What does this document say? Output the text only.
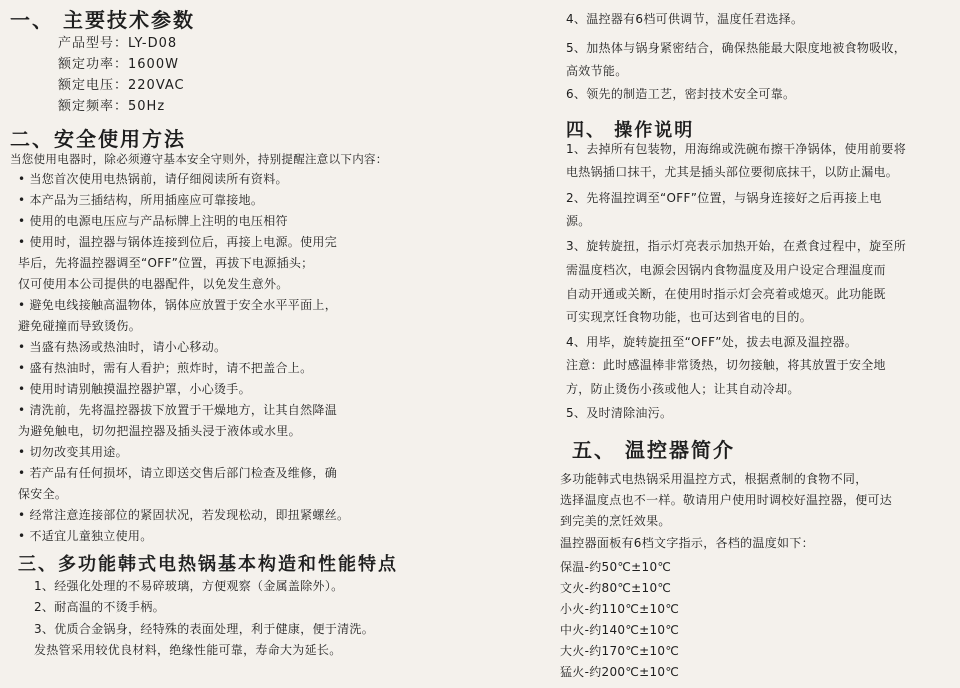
一、 主要技术参数
产品型号：LY-D08
额定功率：1600W
额定电压：220VAC
额定频率：50Hz
二、安全使用方法
当您使用电器时，除必须遵守基本安全守则外，持别提醒注意以下内容：
• 当您首次使用电热锅前，请仔细阅读所有资料。
• 本产品为三插结构，所用插座应可靠接地。
• 使用的电源电压应与产品标牌上注明的电压相符
• 使用时，温控器与锅体连接到位后，再接上电源。使用完
毕后，先将温控器调至“OFF”位置，再拔下电源插头；
仅可使用本公司提供的电器配件，以免发生意外。
• 避免电线接触高温物体，锅体应放置于安全水平平面上，
避免碰撞而导致烫伤。
• 当盛有热汤或热油时，请小心移动。
• 盛有热油时，需有人看护；煎炸时，请不把盖合上。
• 使用时请别触摸温控器护罩，小心烫手。
• 清洗前，先将温控器拔下放置于干燥地方，让其自然降温
为避免触电，切勿把温控器及插头浸于液体或水里。
• 切勿改变其用途。
• 若产品有任何损坏，请立即送交售后部门检查及维修，确
保安全。
• 经常注意连接部位的紧固状况，若发现松动，即扭紧螺丝。
• 不适宜儿童独立使用。
三、多功能韩式电热锅基本构造和性能特点
1、经强化处理的不易碎玻璃，方便观察（金属盖除外）。
2、耐高温的不烫手柄。
3、优质合金锅身，经特殊的表面处理，利于健康，便于清洗。
发热管采用较优良材料，绝缘性能可靠，寿命大为延长。
4、温控器有6档可供调节，温度任君选择。
5、加热体与锅身紧密结合，确保热能最大限度地被食物吸收，
高效节能。
6、领先的制造工艺，密封技术安全可靠。
四、 操作说明
1、去掉所有包装物，用海绵或洗碗布擦干净锅体，使用前要将
电热锅插口抹干，尤其是插头部位要彻底抹干，以防止漏电。
2、先将温控调至“OFF”位置，与锅身连接好之后再接上电
源。
3、旋转旋扭，指示灯亮表示加热开始，在煮食过程中，旋至所
需温度档次，电源会因锅内食物温度及用户设定合理温度而
自动开通或关断，在使用时指示灯会亮着或熄灭。此功能既
可实现烹饪食物功能，也可达到省电的目的。
4、用毕，旋转旋扭至“OFF”处，拔去电源及温控器。
注意：此时感温棒非常烫热，切勿接触，将其放置于安全地
方，防止烫伤小孩或他人；让其自动冷却。
5、及时清除油污。
五、 温控器简介
多功能韩式电热锅采用温控方式，根据煮制的食物不同，
选择温度点也不一样。敬请用户使用时调校好温控器，便可达
到完美的烹饪效果。
温控器面板有6档文字指示，各档的温度如下：
保温-约50℃±10℃
文火-约80℃±10℃
小火-约110℃±10℃
中火-约140℃±10℃
大火-约170℃±10℃
猛火-约200℃±10℃
